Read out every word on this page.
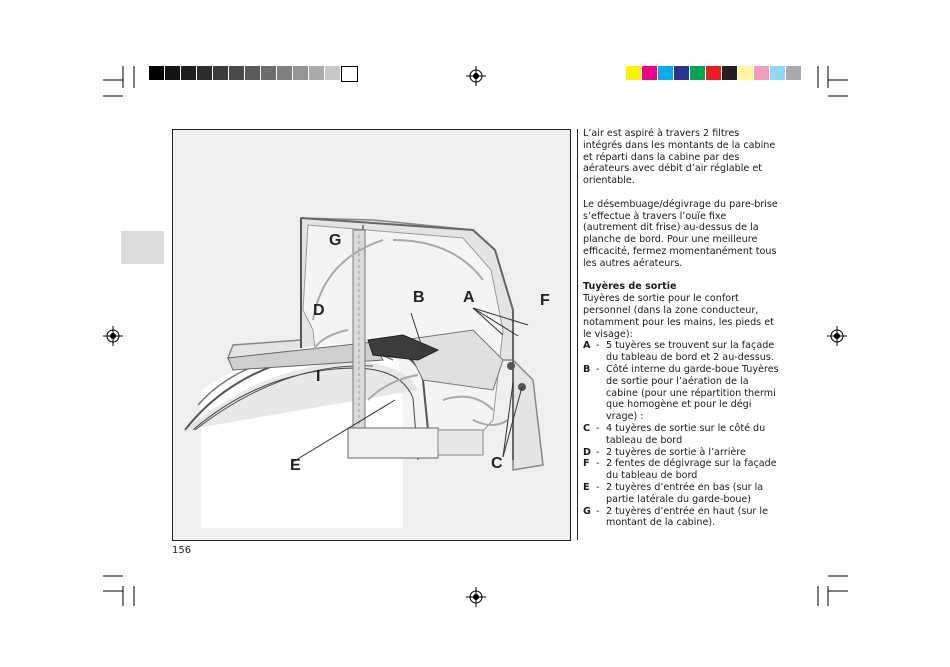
G
D
B A	F
I
E	C

L’air est aspiré à travers 2 filtres intégrés dans les montants de la cabine et réparti dans la cabine par des aérateurs avec débit d’air réglable et orientable.

Le désembuage/dégivrage du pare-brise s’effectue à travers l’ouïe fixe (autrement dit frise) au-dessus de la planche de bord. Pour une meilleure efficacité, fermez momentanément tous les autres aérateurs.

Tuyères de sortie

Tuyères de sortie pour le confort personnel (dans la zone conducteur, notamment pour les mains, les pieds et le visage):

A - 5 tuyères se trouvent sur la façade du tableau de bord et 2 au-dessus.
B - Côté interne du garde-boue Tuyères de sortie pour l’aération de la cabine (pour une répartition thermi que homogène et pour le dégi vrage) :
C - 4 tuyères de sortie sur le côté du tableau de bord
D - 2 tuyères de sortie à l’arrière
F - 2 fentes de dégivrage sur la façade du tableau de bord
E - 2 tuyères d’entrée en bas (sur la partie latérale du garde-boue)
G - 2 tuyères d’entrée en haut (sur le montant de la cabine).
156
